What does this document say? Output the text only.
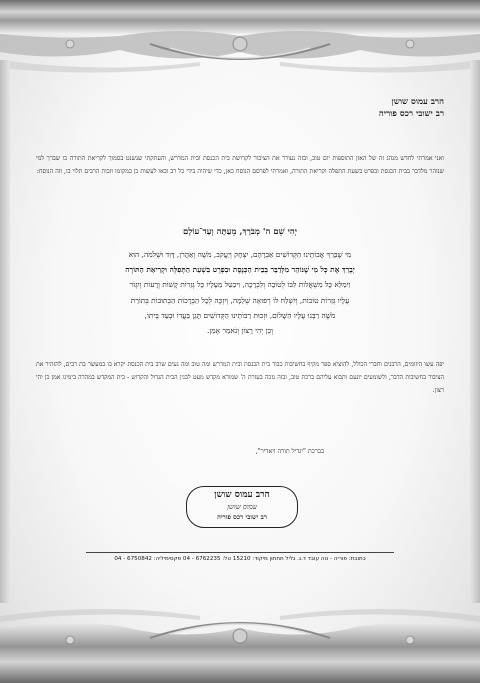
הרב עמוס שושן
רב ישובי רכס פוריה
ואני אמרתי לחדש מנהג זה של האזן התוספות יום טוב, ובזה נעורר את הציבור לקדושת בית הכנסת ובית המדרש, והעתקתי שנשנט בסמוך לקריאת התורה כו שברך למי שנוהר מלדבר בבית הכנסת ובפרט בשעת התפלה וקריאת התורה, ואמרתי לפרסם הנוסח כאן, כדי שיהיה בידי כל רב ובאו לעשות כן במקומו וזכות הרבים תלוי בו, וזה הנוסח:
יְהִי שֵׁם ה' מְבֹרָךְ, מֵעַתָּה וְעַד־עוֹלָם
מִי שֶׁבֵּרַךְ אֲבוֹתֵינוּ הַקְּדוֹשִׁים אַבְרָהָם, יִצְחָק וְיַעֲקֹב, מֹשֶׁה וְאַהֲרֹן, דָּוִד וּשְׁלֹמֹה, הוּא
יְבָרֵךְ אֶת כָּל מִי שֶׁנּוֹהֵר מִלְּדַבֵּר בְּבֵית הַכְּנֶסֶת וּבִפְרָט בִּשְׁעַת הַתְּפִלָּה וּקְרִיאַת הַתּוֹרָה
וִימַלֵּא כָּל מִשְׁאֲלוֹת לִבּוֹ לְטוֹבָה וְלִבְרָכָה, וִיבַטֵּל מֵעָלָיו כָּל גְּזֵרוֹת קָשׁוֹת וְרָעוֹת וְיִגְזֹר
עָלָיו גְּזֵרוֹת טוֹבוֹת, וְיִשְׁלַח לוֹ רְפוּאָה שְׁלֵמָה, וְיִזְכֶּה לְכָל הַבְּרָכוֹת הַכְּתוּבוֹת בְּתוֹרַת
מֹשֶׁה רַבֵּנוּ עָלָיו הַשָּׁלוֹם, וּזְכוּת רַבּוֹתֵינוּ הַקְּדוֹשִׁים תָּגֵן בַּעֲדוֹ וּבְעַד בֵּיתוֹ,
וְכֵן יְהִי רָצוֹן וְנֹאמַר אָמֵן.
יפה עשו היזומים, הרבנים וחברי הכולל, להוציא ספר מקיף בחשיבות כבוד בית הכנסת ובית המדרש ומה טוב ומה נעים שרב בית הכנסת יקרא בו במעשר בת רבים, להזהיר את הציבור בחשיבות הדבר, ולשומעים יונעם ותבוא עליהם ברכת טוב, ובזה נזכה בעזרת ה' שמורא מקדש מעט לבנין הבית הגדול והקדוש - בית המקדש במהרה בימינו אמן כן יהי רצון.
בברכת "יגדיל תורה ויאדיר",
הרב עמוס שושן
עמוס שושן
רב ישובי רכס פוריה
כתובת: פוריה - נוה עובד ד.נ. גליל תחתון מיקוד: 15210 טל: 6762235 - 04 פקסימיליה: 6750842 - 04
